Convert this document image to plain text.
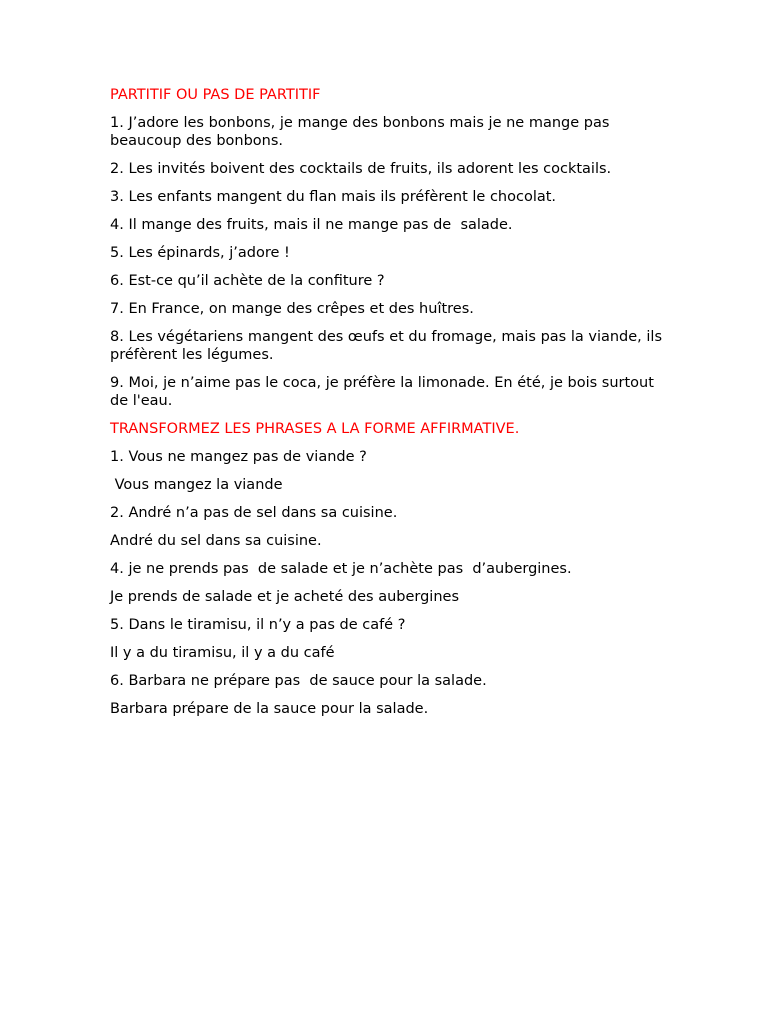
PARTITIF OU PAS DE PARTITIF

1. J’adore les bonbons, je mange des bonbons mais je ne mange pas beaucoup des bonbons.

2. Les invités boivent des cocktails de fruits, ils adorent les cocktails.

3. Les enfants mangent du flan mais ils préfèrent le chocolat.

4. Il mange des fruits, mais il ne mange pas de  salade.

5. Les épinards, j’adore !

6. Est-ce qu’il achète de la confiture ?

7. En France, on mange des crêpes et des huîtres.

8. Les végétariens mangent des œufs et du fromage, mais pas la viande, ils préfèrent les légumes.

9. Moi, je n’aime pas le coca, je préfère la limonade. En été, je bois surtout de l'eau.

TRANSFORMEZ LES PHRASES A LA FORME AFFIRMATIVE.

1. Vous ne mangez pas de viande ?

Vous mangez la viande

2. André n’a pas de sel dans sa cuisine.

André du sel dans sa cuisine.

4. je ne prends pas  de salade et je n’achète pas  d’aubergines.

Je prends de salade et je acheté des aubergines

5. Dans le tiramisu, il n’y a pas de café ?

Il y a du tiramisu, il y a du café

6. Barbara ne prépare pas  de sauce pour la salade.

Barbara prépare de la sauce pour la salade.
